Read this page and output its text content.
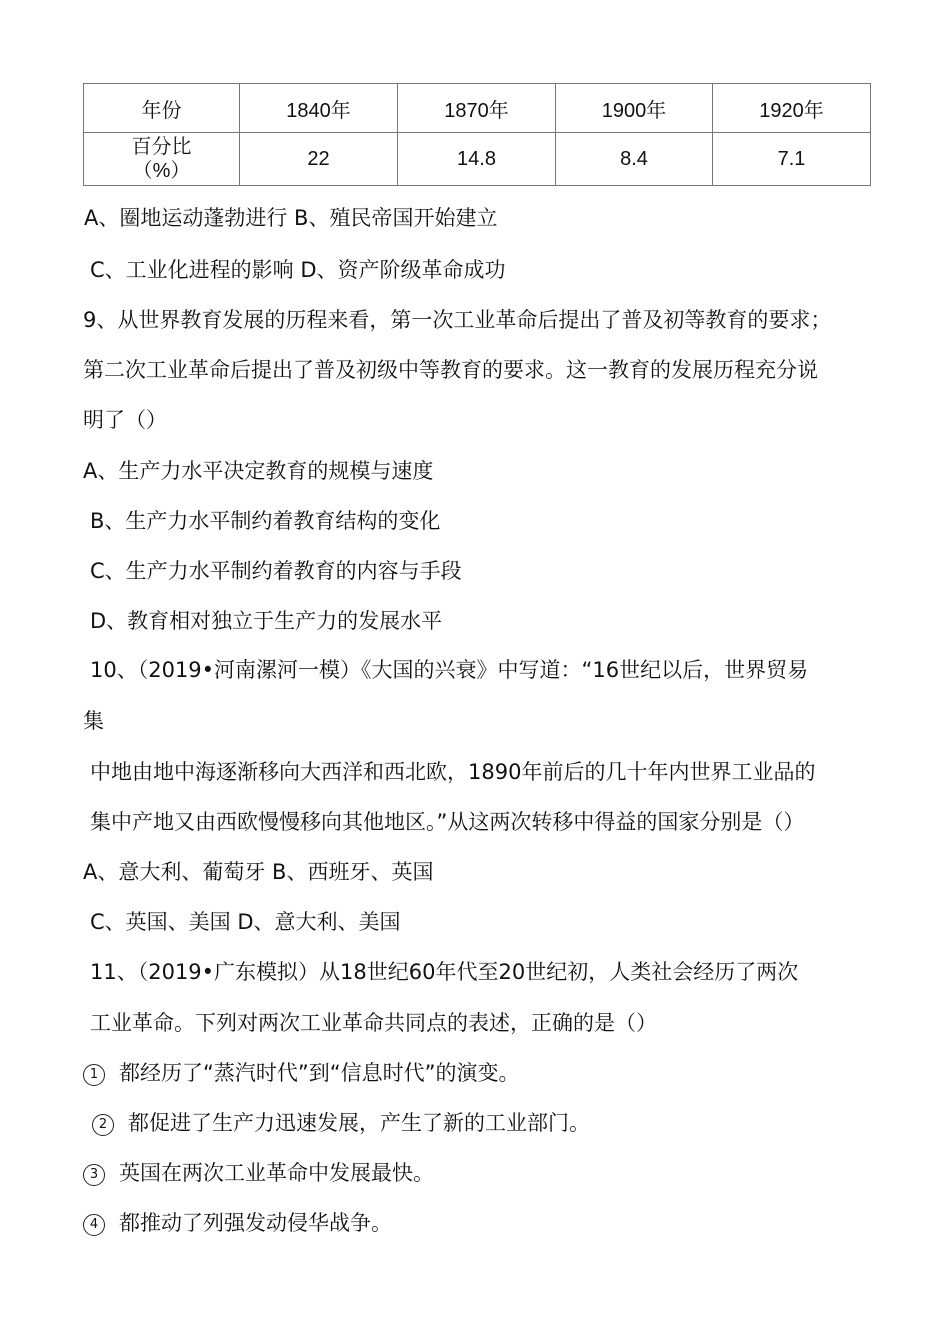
年份	1840年	1870年	1900年	1920年

百分比
（%）	22	14.8	8.4	7.1
A、圈地运动蓬勃进行 B、殖民帝国开始建立
C、工业化进程的影响 D、资产阶级革命成功
9、从世界教育发展的历程来看，第一次工业革命后提出了普及初等教育的要求；
第二次工业革命后提出了普及初级中等教育的要求。这一教育的发展历程充分说
明了（）
A、生产力水平决定教育的规模与速度
B、生产力水平制约着教育结构的变化
C、生产力水平制约着教育的内容与手段
D、教育相对独立于生产力的发展水平
10、（2019•河南漯河一模）《大国的兴衰》中写道：“16世纪以后，世界贸易
集
中地由地中海逐渐移向大西洋和西北欧，1890年前后的几十年内世界工业品的
集中产地又由西欧慢慢移向其他地区。”从这两次转移中得益的国家分别是（）
A、意大利、葡萄牙 B、西班牙、英国
C、英国、美国 D、意大利、美国
11、（2019•广东模拟）从18世纪60年代至20世纪初，人类社会经历了两次
工业革命。下列对两次工业革命共同点的表述，正确的是（）
1 都经历了“蒸汽时代”到“信息时代”的演变。
2 都促进了生产力迅速发展，产生了新的工业部门。
3 英国在两次工业革命中发展最快。
4 都推动了列强发动侵华战争。
